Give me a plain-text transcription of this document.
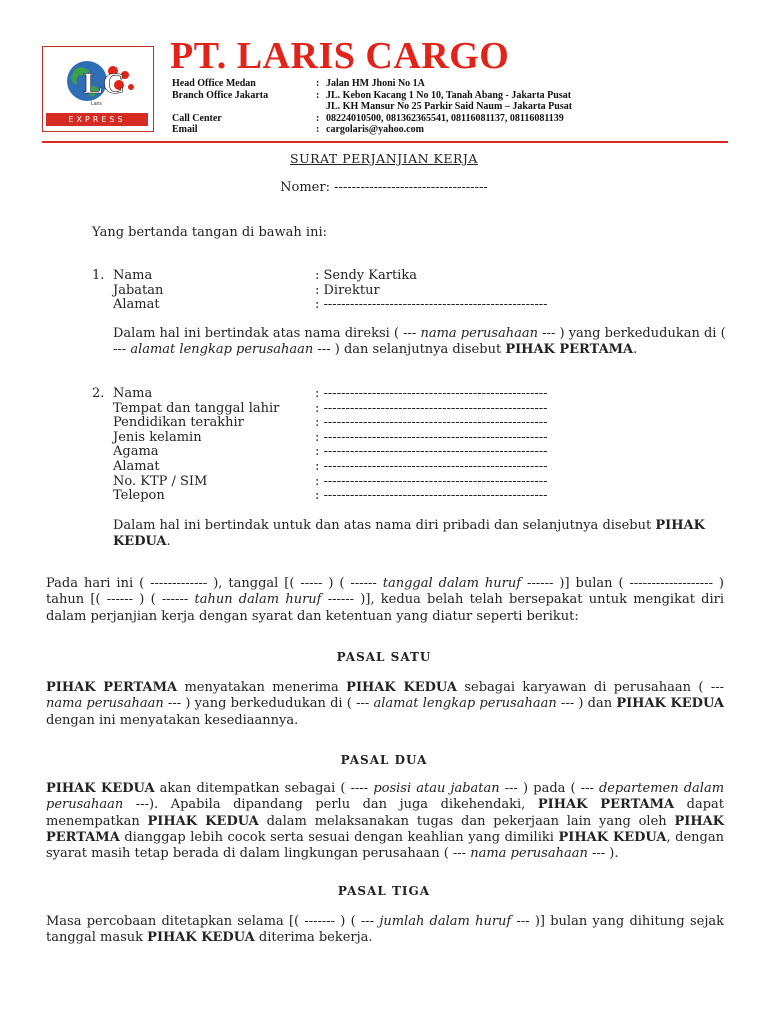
LC
Laris
EXPRESS
PT. LARIS CARGO
Head Office Medan	: Jalan HM Jhoni No 1A
Branch Office Jakarta	: JL. Kebon Kacang 1 No 10, Tanah Abang - Jakarta Pusat
JL. KH Mansur No 25 Parkir Said Naum – Jakarta Pusat
Call Center	: 08224010500, 081362365541, 08116081137, 08116081139
Email	: cargolaris@yahoo.com
SURAT PERJANJIAN KERJA
Nomer: -----------------------------------
Yang bertanda tangan di bawah ini:
1. Nama	: Sendy Kartika
Jabatan	: Direktur
Alamat	: ---------------------------------------------------
Dalam hal ini bertindak atas nama direksi ( --- nama perusahaan --- ) yang berkedudukan di ( --- alamat lengkap perusahaan --- ) dan selanjutnya disebut PIHAK PERTAMA.
2. Nama	: ---------------------------------------------------
Tempat dan tanggal lahir	: ---------------------------------------------------
Pendidikan terakhir	: ---------------------------------------------------
Jenis kelamin	: ---------------------------------------------------
Agama	: ---------------------------------------------------
Alamat	: ---------------------------------------------------
No. KTP / SIM	: ---------------------------------------------------
Telepon	: ---------------------------------------------------
Dalam hal ini bertindak untuk dan atas nama diri pribadi dan selanjutnya disebut PIHAK KEDUA.
Pada hari ini ( ------------- ), tanggal [( ----- ) ( ------ tanggal dalam huruf ------ )] bulan ( ------------------- ) tahun [( ------ ) ( ------ tahun dalam huruf ------ )], kedua belah telah bersepakat untuk mengikat diri dalam perjanjian kerja dengan syarat dan ketentuan yang diatur seperti berikut:
PASAL SATU
PIHAK PERTAMA menyatakan menerima PIHAK KEDUA sebagai karyawan di perusahaan ( --- nama perusahaan --- ) yang berkedudukan di ( --- alamat lengkap perusahaan --- ) dan PIHAK KEDUA dengan ini menyatakan kesediaannya.
PASAL DUA
PIHAK KEDUA akan ditempatkan sebagai ( ---- posisi atau jabatan --- ) pada ( --- departemen dalam perusahaan ---). Apabila dipandang perlu dan juga dikehendaki, PIHAK PERTAMA dapat menempatkan PIHAK KEDUA dalam melaksanakan tugas dan pekerjaan lain yang oleh PIHAK PERTAMA dianggap lebih cocok serta sesuai dengan keahlian yang dimiliki PIHAK KEDUA, dengan syarat masih tetap berada di dalam lingkungan perusahaan ( --- nama perusahaan --- ).
PASAL TIGA
Masa percobaan ditetapkan selama [( ------- ) ( --- jumlah dalam huruf --- )] bulan yang dihitung sejak tanggal masuk PIHAK KEDUA diterima bekerja.
